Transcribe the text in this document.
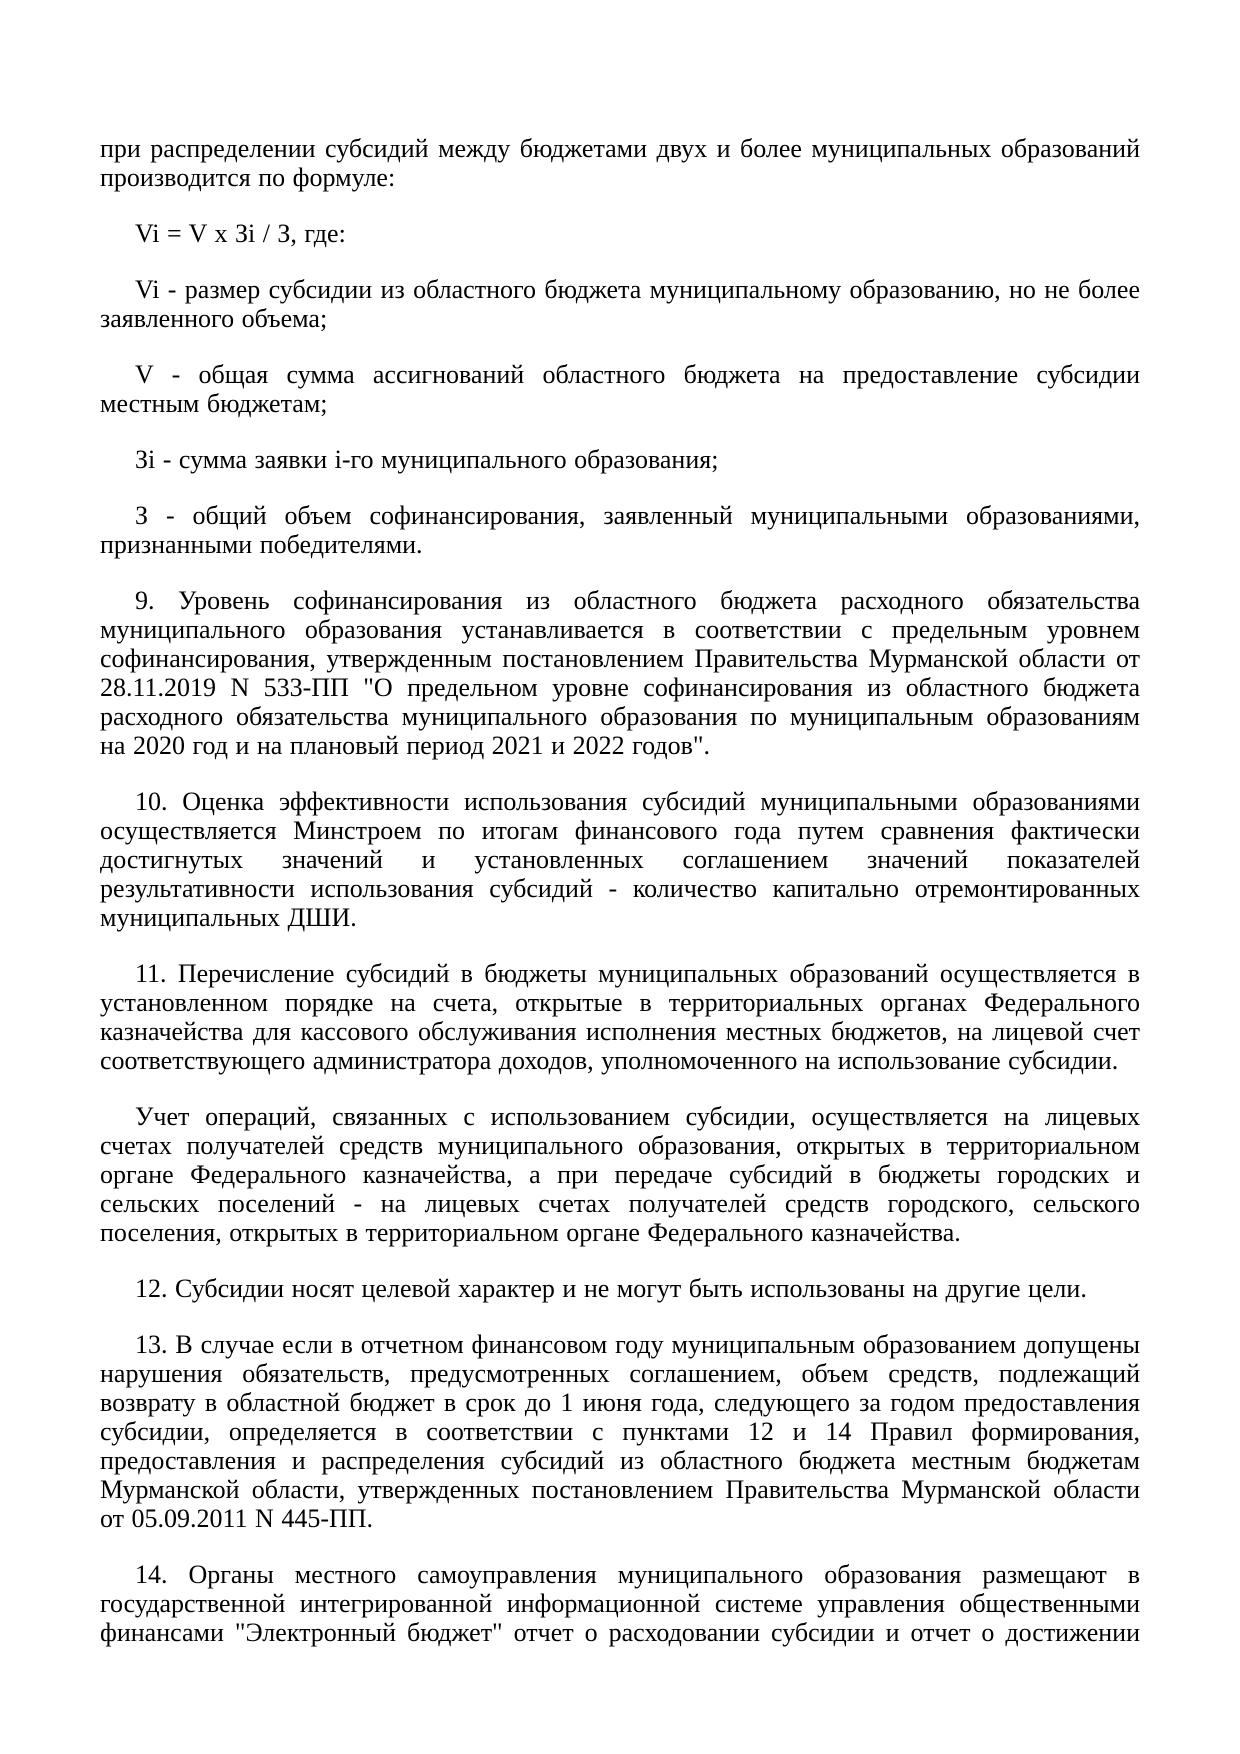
при распределении субсидий между бюджетами двух и более муниципальных образований производится по формуле:

Vi = V x Зi / З, где:

Vi - размер субсидии из областного бюджета муниципальному образованию, но не более заявленного объема;

V - общая сумма ассигнований областного бюджета на предоставление субсидии местным бюджетам;

Зi - сумма заявки i-го муниципального образования;

З - общий объем софинансирования, заявленный муниципальными образованиями, признанными победителями.

9. Уровень софинансирования из областного бюджета расходного обязательства муниципального образования устанавливается в соответствии с предельным уровнем софинансирования, утвержденным постановлением Правительства Мурманской области от 28.11.2019 N 533-ПП "О предельном уровне софинансирования из областного бюджета расходного обязательства муниципального образования по муниципальным образованиям на 2020 год и на плановый период 2021 и 2022 годов".

10. Оценка эффективности использования субсидий муниципальными образованиями осуществляется Минстроем по итогам финансового года путем сравнения фактически достигнутых значений и установленных соглашением значений показателей результативности использования субсидий - количество капитально отремонтированных муниципальных ДШИ.

11. Перечисление субсидий в бюджеты муниципальных образований осуществляется в установленном порядке на счета, открытые в территориальных органах Федерального казначейства для кассового обслуживания исполнения местных бюджетов, на лицевой счет соответствующего администратора доходов, уполномоченного на использование субсидии.

Учет операций, связанных с использованием субсидии, осуществляется на лицевых счетах получателей средств муниципального образования, открытых в территориальном органе Федерального казначейства, а при передаче субсидий в бюджеты городских и сельских поселений - на лицевых счетах получателей средств городского, сельского поселения, открытых в территориальном органе Федерального казначейства.

12. Субсидии носят целевой характер и не могут быть использованы на другие цели.

13. В случае если в отчетном финансовом году муниципальным образованием допущены нарушения обязательств, предусмотренных соглашением, объем средств, подлежащий возврату в областной бюджет в срок до 1 июня года, следующего за годом предоставления субсидии, определяется в соответствии с пунктами 12 и 14 Правил формирования, предоставления и распределения субсидий из областного бюджета местным бюджетам Мурманской области, утвержденных постановлением Правительства Мурманской области от 05.09.2011 N 445-ПП.

14. Органы местного самоуправления муниципального образования размещают в государственной интегрированной информационной системе управления общественными финансами "Электронный бюджет" отчет о расходовании субсидии и отчет о достижении
